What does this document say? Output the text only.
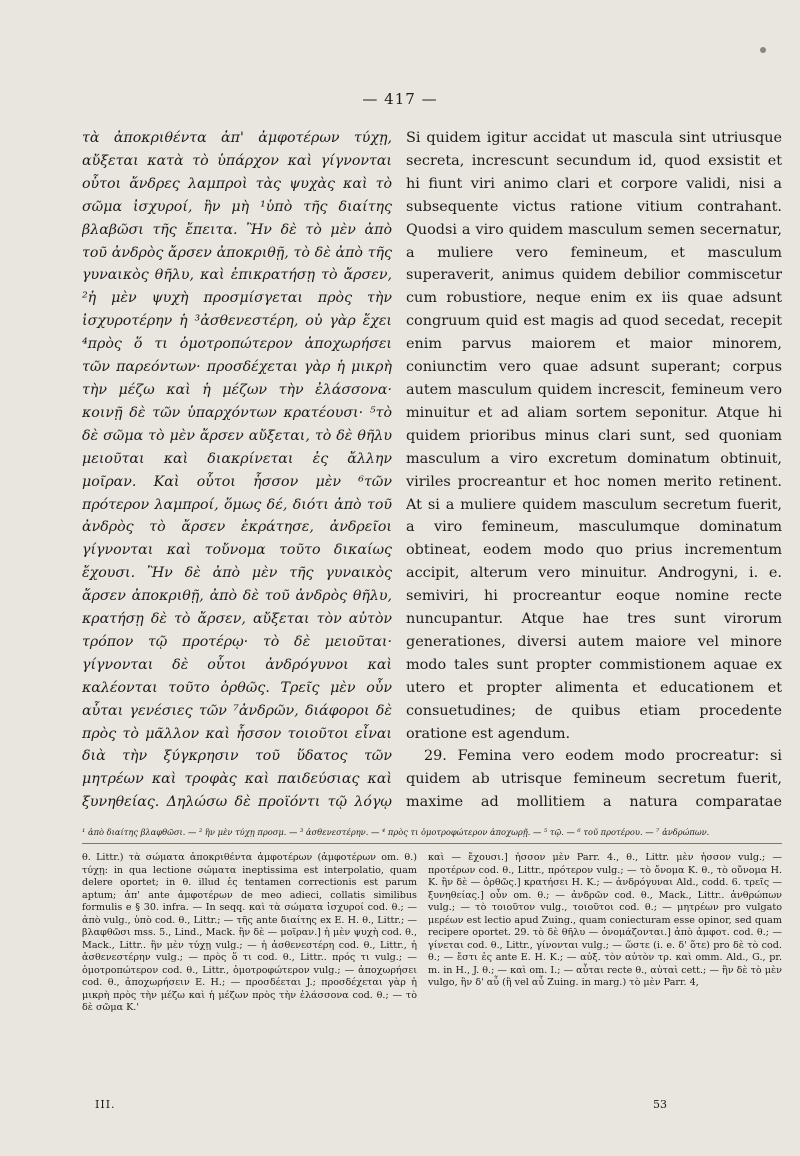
— 417 —

τὰ ἀποκριθέντα ἀπ' ἀμφοτέρων τύχῃ, αὔξεται κατὰ τὸ ὑπάρχον καὶ γίγνονται οὗτοι ἄνδρες λαμπροὶ τὰς ψυχὰς καὶ τὸ σῶμα ἰσχυροί, ἢν μὴ ¹ὑπὸ τῆς διαίτης βλαβῶσι τῆς ἔπειτα. Ἢν δὲ τὸ μὲν ἀπὸ τοῦ ἀνδρὸς ἄρσεν ἀποκριθῇ, τὸ δὲ ἀπὸ τῆς γυναικὸς θῆλυ, καὶ ἐπικρατήσῃ τὸ ἄρσεν, ²ἡ μὲν ψυχὴ προσμίσγεται πρὸς τὴν ἰσχυροτέρην ἡ ³ἀσθενεστέρη, οὐ γὰρ ἔχει ⁴πρὸς ὅ τι ὁμοτροπώτερον ἀποχωρήσει τῶν παρεόντων· προσδέχεται γὰρ ἡ μικρὴ τὴν μέζω καὶ ἡ μέζων τὴν ἐλάσσονα· κοινῇ δὲ τῶν ὑπαρχόντων κρατέουσι· ⁵τὸ δὲ σῶμα τὸ μὲν ἄρσεν αὔξεται, τὸ δὲ θῆλυ μειοῦται καὶ διακρίνεται ἐς ἄλλην μοῖραν. Καὶ οὗτοι ἧσσον μὲν ⁶τῶν πρότερον λαμπροί, ὅμως δέ, διότι ἀπὸ τοῦ ἀνδρὸς τὸ ἄρσεν ἐκράτησε, ἀνδρεῖοι γίγνονται καὶ τοὔνομα τοῦτο δικαίως ἔχουσι. Ἢν δὲ ἀπὸ μὲν τῆς γυναικὸς ἄρσεν ἀποκριθῇ, ἀπὸ δὲ τοῦ ἀνδρὸς θῆλυ, κρατήσῃ δὲ τὸ ἄρσεν, αὔξεται τὸν αὐτὸν τρόπον τῷ προτέρῳ· τὸ δὲ μειοῦται· γίγνονται δὲ οὗτοι ἀνδρόγυνοι καὶ καλέονται τοῦτο ὀρθῶς. Τρεῖς μὲν οὖν αὗται γενέσιες τῶν ⁷ἀνδρῶν, διάφοροι δὲ πρὸς τὸ μᾶλλον καὶ ἧσσον τοιοῦτοι εἶναι διὰ τὴν ξύγκρησιν τοῦ ὕδατος τῶν μητρέων καὶ τροφὰς καὶ παιδεύσιας καὶ ξυνηθείας. Δηλώσω δὲ προϊόντι τῷ λόγῳ

Si quidem igitur accidat ut mascula sint utriusque secreta, increscunt secundum id, quod exsistit et hi fiunt viri animo clari et corpore validi, nisi a subsequente victus ratione vitium contrahant. Quodsi a viro quidem masculum semen secernatur, a muliere vero femineum, et masculum superaverit, animus quidem debilior commiscetur cum robustiore, neque enim ex iis quae adsunt congruum quid est magis ad quod secedat, recepit enim parvus maiorem et maior minorem, coniunctim vero quae adsunt superant; corpus autem masculum quidem increscit, femineum vero minuitur et ad aliam sortem seponitur. Atque hi quidem prioribus minus clari sunt, sed quoniam masculum a viro excretum dominatum obtinuit, viriles procreantur et hoc nomen merito retinent. At si a muliere quidem masculum secretum fuerit, a viro femineum, masculumque dominatum obtineat, eodem modo quo prius incrementum accipit, alterum vero minuitur. Androgyni, i. e. semiviri, hi procreantur eoque nomine recte nuncupantur. Atque hae tres sunt virorum generationes, diversi autem maiore vel minore modo tales sunt propter commistionem aquae ex utero et propter alimenta et educationem et consuetudines; de quibus etiam procedente oratione est agendum.

29. Femina vero eodem modo procreatur: si quidem ab utrisque femineum secretum fuerit, maxime ad mollitiem a natura comparatae

¹ ἀπὸ διαίτης βλαφθῶσι. — ² ἣν μὲν τύχῃ προσμ. — ³ ἀσθενεστέρην. — ⁴ πρὸς τι ὁμοτροφώτερον ἀποχωρῇ. — ⁵ τῷ. — ⁶ τοῦ προτέρου. — ⁷ ἀνδρώπων.

θ. Littr.) τὰ σώματα ἀποκριθέντα ἀμφοτέρων (ἀμφοτέρων om. θ.) τύχῃ: in qua lectione σώματα ineptissima est interpolatio, quam delere oportet; in θ. illud ἐς tentamen correctionis est parum aptum; ἀπ' ante ἀμφοτέρων de meo adieci, collatis similibus formulis e § 30. infra. — In seqq. καὶ τὰ σώματα ἰσχυροί cod. θ.; — ἀπὸ vulg., ὑπὸ cod. θ., Littr.; — τῆς ante διαίτης ex E. H. θ., Littr.; — βλαφθῶσι mss. 5., Lind., Mack. ἢν δὲ — μοῖραν.] ἡ μὲν ψυχὴ cod. θ., Mack., Littr.. ἣν μὲν τύχῃ vulg.; — ἡ ἀσθενεστέρη cod. θ., Littr., ἡ ἀσθενεστέρην vulg.; — πρὸς ὅ τι cod. θ., Littr.. πρός τι vulg.; — ὁμοτροπώτερον cod. θ., Littr., ὁμοτροφώτερον vulg.; — ἀποχωρήσει cod. θ., ἀποχωρήσειν E. H.; — προσδέεται J.; προσδέχεται γὰρ ἡ μικρὴ πρὸς τὴν μέζω καὶ ἡ μέζων πρὸς τὴν ἐλάσσονα cod. θ.; — τὸ δὲ σῶμα K.'

καὶ — ἔχουσι.] ἧσσον μὲν Parr. 4., θ., Littr. μὲν ἧσσον vulg.; — προτέρων cod. θ., Littr., πρότερον vulg.; — τὸ ὄνομα K. θ., τὸ οὔνομα H. K. ἢν δὲ — ὀρθῶς.] κρατήσει H. K.; — ἀνδρόγυναι Ald., codd. 6. τρεῖς — ξυνηθείας.] οὖν om. θ.; — ἀνδρῶν cod. θ., Mack., Littr.. ἀνθρώπων vulg.; — τὸ τοιοῦτον vulg., τοιοῦτοι cod. θ.; — μητρέων pro vulgato μερέων est lectio apud Zuing., quam coniecturam esse opinor, sed quam recipere oportet. 29. τὸ δὲ θῆλυ — ὀνομάζονται.] ἀπὸ ἀμφοτ. cod. θ.; — γίνεται cod. θ., Littr., γίνονται vulg.; — ὥστε (i. e. δ' ὅτε) pro δὲ τὸ cod. θ.; — ἔστι ἐς ante E. H. K.; — αὐξ. τὸν αὐτὸν τρ. καὶ omm. Ald., G., pr. m. in H., J. θ.; — καὶ om. I.; — αὗται recte θ., αὐταὶ cett.; — ἢν δὲ τὸ μὲν vulgo, ἢν δ' αὖ (ἢ vel αὖ Zuing. in marg.) τὸ μὲν Parr. 4,

III.	53
